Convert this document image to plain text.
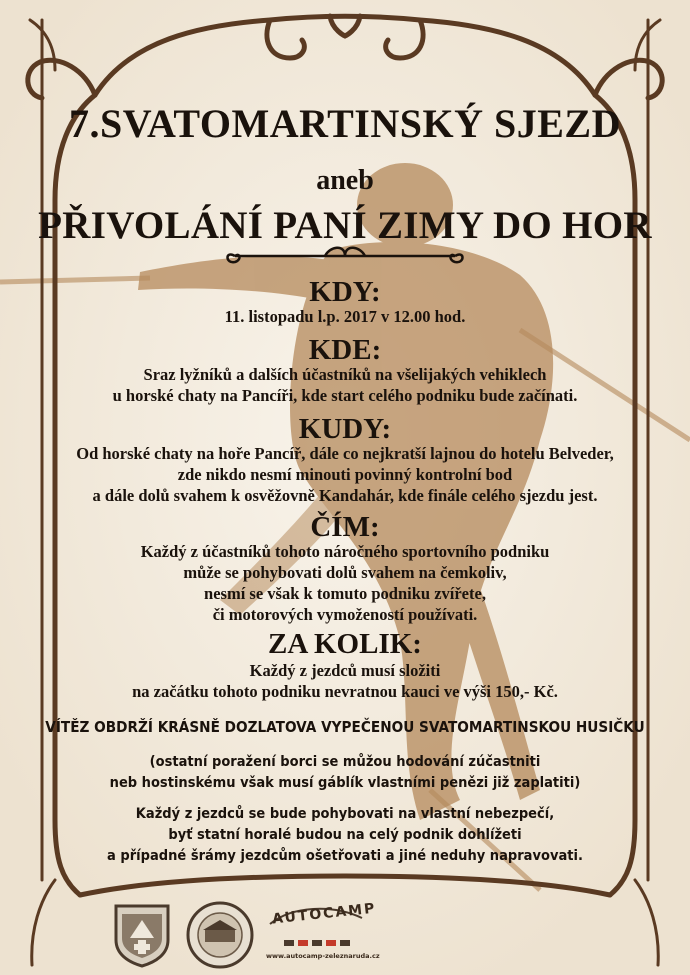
7.SVATOMARTINSKÝ SJEZD
aneb
PŘIVOLÁNÍ PANÍ ZIMY DO HOR
KDY:
11. listopadu l.p. 2017 v 12.00 hod.
KDE:
Sraz lyžníků a dalších účastníků na všelijakých vehiklech
u horské chaty na Pancíři, kde start celého podniku bude začínati.
KUDY:
Od horské chaty na hoře Pancíř, dále co nejkratší lajnou do hotelu Belveder,
zde nikdo nesmí minouti povinný kontrolní bod
a dále dolů svahem k osvěžovně Kandahár, kde finále celého sjezdu jest.
ČÍM:
Každý z účastníků tohoto náročného sportovního podniku
může se pohybovati dolů svahem na čemkoliv,
nesmí se však k tomuto podniku zvířete,
či motorových vymožeností používati.
ZA KOLIK:
Každý z jezdců musí složiti
na začátku tohoto podniku nevratnou kauci ve výši 150,- Kč.
VÍTĚZ OBDRŽÍ KRÁSNĚ DOZLATOVA VYPEČENOU SVATOMARTINSKOU HUSIČKU
(ostatní poražení borci se můžou hodování zúčastniti
neb hostinskému však musí gáblík vlastními penězi již zaplatiti)
Každý z jezdců se bude pohybovati na vlastní nebezpečí,
byť statní horalé budou na celý podnik dohlížeti
a případné šrámy jezdcům ošetřovati a jiné neduhy napravovati.
AUTOCAMP
www.autocamp-zeleznaruda.cz
